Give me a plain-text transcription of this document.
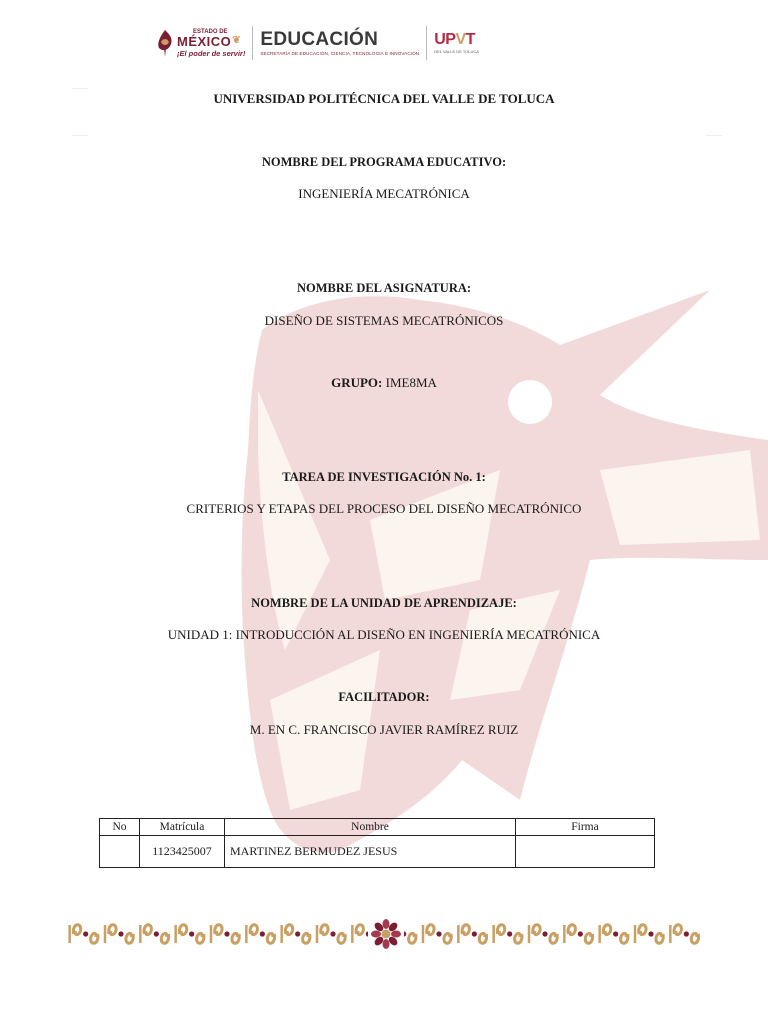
ESTADO DE
MÉXICO ❦
¡El poder de servir!
EDUCACIÓN
SECRETARÍA DE EDUCACIÓN, CIENCIA, TECNOLOGÍA E INNOVACIÓN
UPVT
DEL VALLE DE TOLUCA
UNIVERSIDAD POLITÉCNICA DEL VALLE DE TOLUCA
NOMBRE DEL PROGRAMA EDUCATIVO:
INGENIERÍA MECATRÓNICA
NOMBRE DEL ASIGNATURA:
DISEÑO DE SISTEMAS MECATRÓNICOS
GRUPO: IME8MA
TAREA DE INVESTIGACIÓN No. 1:
CRITERIOS Y ETAPAS DEL PROCESO DEL DISEÑO MECATRÓNICO
NOMBRE DE LA UNIDAD DE APRENDIZAJE:
UNIDAD 1: INTRODUCCIÓN AL DISEÑO EN INGENIERÍA MECATRÓNICA
FACILITADOR:
M. EN C. FRANCISCO JAVIER RAMÍREZ RUIZ
No	Matrícula	Nombre	Firma
	1123425007	MARTINEZ BERMUDEZ JESUS	
